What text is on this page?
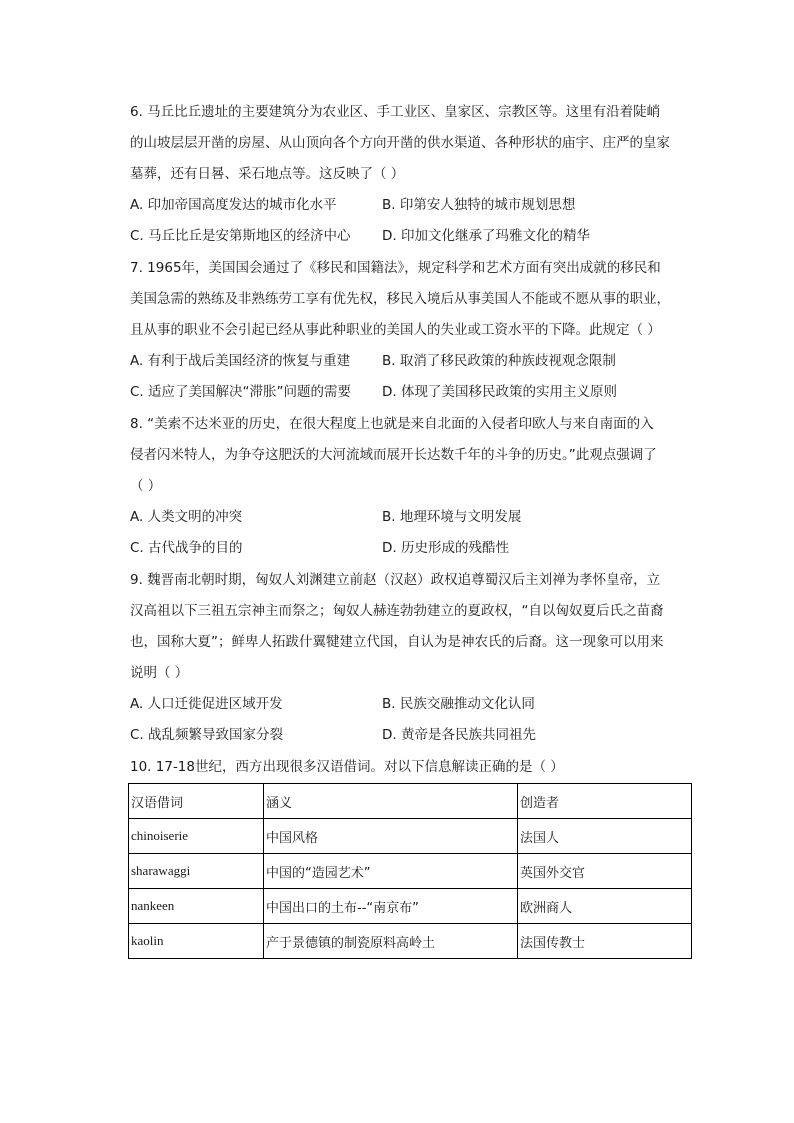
6. 马丘比丘遗址的主要建筑分为农业区、手工业区、皇家区、宗教区等。这里有沿着陡峭
的山坡层层开凿的房屋、从山顶向各个方向开凿的供水渠道、各种形状的庙宇、庄严的皇家
墓葬，还有日晷、采石地点等。这反映了（ ）
A. 印加帝国高度发达的城市化水平	B. 印第安人独特的城市规划思想
C. 马丘比丘是安第斯地区的经济中心 D. 印加文化继承了玛雅文化的精华
7. 1965年，美国国会通过了《移民和国籍法》，规定科学和艺术方面有突出成就的移民和
美国急需的熟练及非熟练劳工享有优先权，移民入境后从事美国人不能或不愿从事的职业，
且从事的职业不会引起已经从事此种职业的美国人的失业或工资水平的下降。此规定（ ）
A. 有利于战后美国经济的恢复与重建 B. 取消了移民政策的种族歧视观念限制
C. 适应了美国解决“滞胀”问题的需要 D. 体现了美国移民政策的实用主义原则
8. “美索不达米亚的历史，在很大程度上也就是来自北面的入侵者印欧人与来自南面的入
侵者闪米特人，为争夺这肥沃的大河流域而展开长达数千年的斗争的历史。”此观点强调了
（ ）
A. 人类文明的冲突	B. 地理环境与文明发展
C. 古代战争的目的	D. 历史形成的残酷性
9. 魏晋南北朝时期，匈奴人刘渊建立前赵（汉赵）政权追尊蜀汉后主刘禅为孝怀皇帝，立
汉高祖以下三祖五宗神主而祭之；匈奴人赫连勃勃建立的夏政权，“自以匈奴夏后氏之苗裔
也，国称大夏”；鲜卑人拓跋什翼犍建立代国，自认为是神农氏的后裔。这一现象可以用来
说明（ ）
A. 人口迁徙促进区域开发	B. 民族交融推动文化认同
C. 战乱频繁导致国家分裂	D. 黄帝是各民族共同祖先
10. 17-18世纪，西方出现很多汉语借词。对以下信息解读正确的是（ ）
汉语借词	涵义	创造者
chinoiserie	中国风格	法国人
sharawaggi	中国的“造园艺术”	英国外交官
nankeen	中国出口的土布--“南京布”	欧洲商人
kaolin	产于景德镇的制瓷原料高岭土	法国传教士
